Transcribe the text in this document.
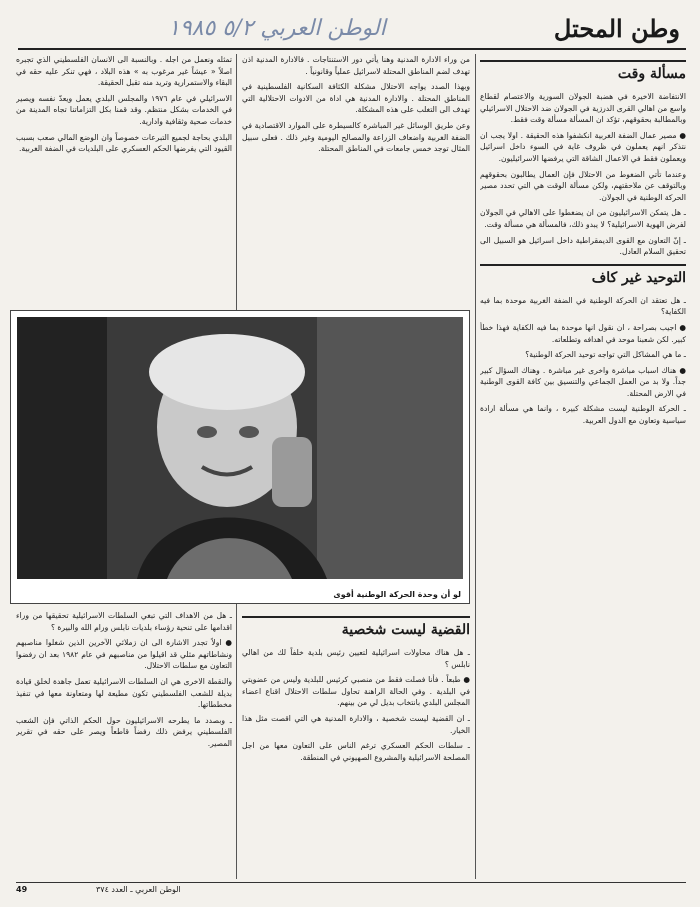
وطن المحتل
الوطن العربي ٥/٢ ١٩٨٥
مسألة وقت

الانتفاضة الاخيرة في هضبة الجولان السورية والاعتصام لقطاع واسع من اهالي القرى الدرزية في الجولان ضد الاحتلال الاسرائيلي وبالمطالبة بحقوقهم، تؤكد ان المسألة مسألة وقت فقط.

● مصير عمال الضفة الغربية انكشفوا هذه الحقيقة . اولا يجب ان نتذكر انهم يعملون في ظروف غاية في السوء داخل اسرائيل ويعملون فقط في الاعمال الشاقة التي يرفضها الاسرائيليون.

وعندما تأتي الضغوط من الاحتلال فإن العمال يطالبون بحقوقهم وبالتوقف عن ملاحقتهم، ولكن مسألة الوقت هي التي تحدد مصير الحركة الوطنية في الجولان.

ـ هل يتمكن الاسرائيليون من ان يضغطوا على الاهالي في الجولان لفرض الهوية الاسرائيلية؟ لا يبدو ذلك، فالمسألة هي مسألة وقت.

ـ إنّ التعاون مع القوى الديمقراطية داخل اسرائيل هو السبيل الى تحقيق السلام العادل.

التوحيد غير كاف

ـ هل تعتقد ان الحركة الوطنية في الضفة الغربية موحدة بما فيه الكفاية؟

● اجيب بصراحة ، ان نقول انها موحدة بما فيه الكفاية فهذا خطأ كبير. لكن شعبنا موحد في اهدافه وتطلعاته.

ـ ما هي المشاكل التي تواجه توحيد الحركة الوطنية؟

● هناك اسباب مباشرة واخرى غير مباشرة . وهناك السؤال كبير جداً. ولا بد من العمل الجماعي والتنسيق بين كافة القوى الوطنية في الارض المحتلة.

ـ الحركة الوطنية ليست مشكلة كبيرة ، وانما هي مسألة ارادة سياسية وتعاون مع الدول العربية.

من وراء الادارة المدنية وهنا يأتي دور الاستنتاجات . فالادارة المدنية اذن تهدف لضم المناطق المحتلة لاسرائيل عملياً وقانونياً .

وبهذا الصدد يواجه الاحتلال مشكلة الكثافة السكانية الفلسطينية في المناطق المحتلة . والادارة المدنية هي اداة من الادوات الاحتلالية التي تهدف الى التغلب على هذه المشكلة.

وعن طريق الوسائل غير المباشرة كالسيطرة على الموارد الاقتصادية في الضفة الغربية واضعاف الزراعة والمصالح اليومية وغير ذلك . فعلى سبيل المثال توجد خمس جامعات في المناطق المحتلة.

تمثله ونعمل من اجله . وبالنسبة الى الانسان الفلسطيني الذي تجبره اصلاً « عيشاً غير مرغوب به » هذه البلاد ، فهي تنكر عليه حقه في البقاء والاستمرارية وتريد منه تقبل الحقيقة.

الاسرائيلي في عام ١٩٧٦ والمجلس البلدي يعمل ويعدّ نفسه ويصير في الخدمات بشكل منتظم. وقد قمنا بكل التزاماتنا تجاه المدينة من خدمات صحية وثقافية وادارية.

البلدي بحاجة لجميع التبرعات خصوصاً وان الوضع المالي صعب بسبب القيود التي يفرضها الحكم العسكري على البلديات في الضفة الغربية.

لو أن وحدة الحركة الوطنية أقوى
القضية ليست شخصية

ـ هل هناك محاولات اسرائيلية لتعيين رئيس بلدية خلفاً لك من اهالي نابلس ؟

● طبعاً . فأنا فصلت فقط من منصبي كرئيس للبلدية وليس من عضويتي في البلدية . وفي الحالة الراهنة تحاول سلطات الاحتلال اقناع اعضاء المجلس البلدي بانتخاب بديل لي من بينهم.

ـ ان القضية ليست شخصية ، والادارة المدنية هي التي اقصت مثل هذا الخيار.

ـ سلطات الحكم العسكري ترغم الناس على التعاون معها من اجل المصلحة الاسرائيلية والمشروع الصهيوني في المنطقة.

ـ هل من الاهداف التي تبغي السلطات الاسرائيلية تحقيقها من وراء اقدامها على تنحية رؤساء بلديات نابلس ورام الله والبيرة ؟

● اولاً تجدر الاشارة الى ان زملائي الآخرين الذين شغلوا مناصبهم ونشاطاتهم مثلي قد اقيلوا من مناصبهم في عام ١٩٨٢ بعد ان رفضوا التعاون مع سلطات الاحتلال.

والنقطة الاخرى هي ان السلطات الاسرائيلية تعمل جاهدة لخلق قيادة بديلة للشعب الفلسطيني تكون مطيعة لها ومتعاونة معها في تنفيذ مخططاتها.

ـ وبصدد ما يطرحه الاسرائيليون حول الحكم الذاتي فإن الشعب الفلسطيني يرفض ذلك رفضاً قاطعاً ويصر على حقه في تقرير المصير.

49	الوطن العربي ـ العدد ٣٧٤
